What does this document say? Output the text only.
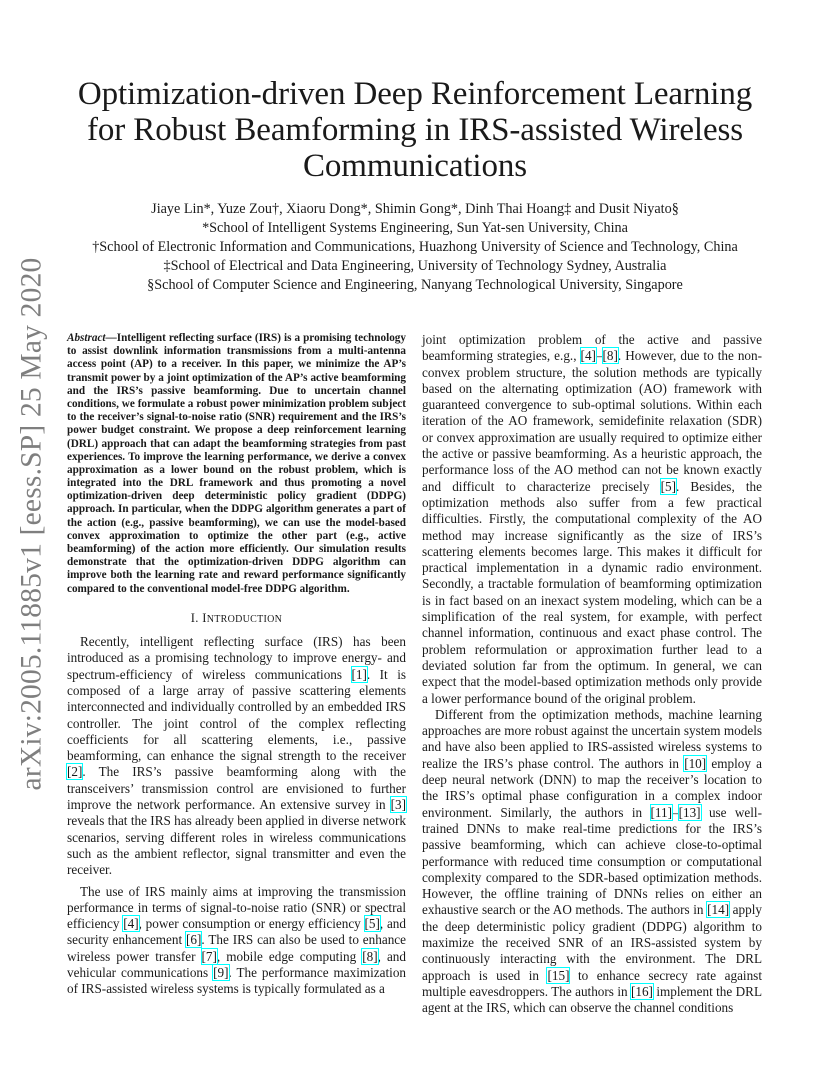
arXiv:2005.11885v1 [eess.SP] 25 May 2020
Optimization-driven Deep Reinforcement Learning
for Robust Beamforming in IRS-assisted Wireless
Communications
Jiaye Lin*, Yuze Zou†, Xiaoru Dong*, Shimin Gong*, Dinh Thai Hoang‡ and Dusit Niyato§
*School of Intelligent Systems Engineering, Sun Yat-sen University, China
†School of Electronic Information and Communications, Huazhong University of Science and Technology, China
‡School of Electrical and Data Engineering, University of Technology Sydney, Australia
§School of Computer Science and Engineering, Nanyang Technological University, Singapore

Abstract—Intelligent reflecting surface (IRS) is a promising technology to assist downlink information transmissions from a multi-antenna access point (AP) to a receiver. In this paper, we minimize the AP’s transmit power by a joint optimization of the AP’s active beamforming and the IRS’s passive beamforming. Due to uncertain channel conditions, we formulate a robust power minimization problem subject to the receiver’s signal-to-noise ratio (SNR) requirement and the IRS’s power budget constraint. We propose a deep reinforcement learning (DRL) approach that can adapt the beamforming strategies from past experiences. To improve the learning performance, we derive a convex approximation as a lower bound on the robust problem, which is integrated into the DRL framework and thus promoting a novel optimization-driven deep deterministic policy gradient (DDPG) approach. In particular, when the DDPG algorithm generates a part of the action (e.g., passive beamforming), we can use the model-based convex approximation to optimize the other part (e.g., active beamforming) of the action more efficiently. Our simulation results demonstrate that the optimization-driven DDPG algorithm can improve both the learning rate and reward performance significantly compared to the conventional model-free DDPG algorithm.

I. INTRODUCTION

Recently, intelligent reflecting surface (IRS) has been introduced as a promising technology to improve energy- and spectrum-efficiency of wireless communications [1]. It is composed of a large array of passive scattering elements interconnected and individually controlled by an embedded IRS controller. The joint control of the complex reflecting coefficients for all scattering elements, i.e., passive beamforming, can enhance the signal strength to the receiver [2]. The IRS’s passive beamforming along with the transceivers’ transmission control are envisioned to further improve the network performance. An extensive survey in [3] reveals that the IRS has already been applied in diverse network scenarios, serving different roles in wireless communications such as the ambient reflector, signal transmitter and even the receiver.

The use of IRS mainly aims at improving the transmission performance in terms of signal-to-noise ratio (SNR) or spectral efficiency [4], power consumption or energy efficiency [5], and security enhancement [6]. The IRS can also be used to enhance wireless power transfer [7], mobile edge computing [8], and vehicular communications [9]. The performance maximization of IRS-assisted wireless systems is typically formulated as a

joint optimization problem of the active and passive beamforming strategies, e.g., [4]–[8]. However, due to the non-convex problem structure, the solution methods are typically based on the alternating optimization (AO) framework with guaranteed convergence to sub-optimal solutions. Within each iteration of the AO framework, semidefinite relaxation (SDR) or convex approximation are usually required to optimize either the active or passive beamforming. As a heuristic approach, the performance loss of the AO method can not be known exactly and difficult to characterize precisely [5]. Besides, the optimization methods also suffer from a few practical difficulties. Firstly, the computational complexity of the AO method may increase significantly as the size of IRS’s scattering elements becomes large. This makes it difficult for practical implementation in a dynamic radio environment. Secondly, a tractable formulation of beamforming optimization is in fact based on an inexact system modeling, which can be a simplification of the real system, for example, with perfect channel information, continuous and exact phase control. The problem reformulation or approximation further lead to a deviated solution far from the optimum. In general, we can expect that the model-based optimization methods only provide a lower performance bound of the original problem.

Different from the optimization methods, machine learning approaches are more robust against the uncertain system models and have also been applied to IRS-assisted wireless systems to realize the IRS’s phase control. The authors in [10] employ a deep neural network (DNN) to map the receiver’s location to the IRS’s optimal phase configuration in a complex indoor environment. Similarly, the authors in [11]–[13] use well-trained DNNs to make real-time predictions for the IRS’s passive beamforming, which can achieve close-to-optimal performance with reduced time consumption or computational complexity compared to the SDR-based optimization methods. However, the offline training of DNNs relies on either an exhaustive search or the AO methods. The authors in [14] apply the deep deterministic policy gradient (DDPG) algorithm to maximize the received SNR of an IRS-assisted system by continuously interacting with the environment. The DRL approach is used in [15] to enhance secrecy rate against multiple eavesdroppers. The authors in [16] implement the DRL agent at the IRS, which can observe the channel conditions
